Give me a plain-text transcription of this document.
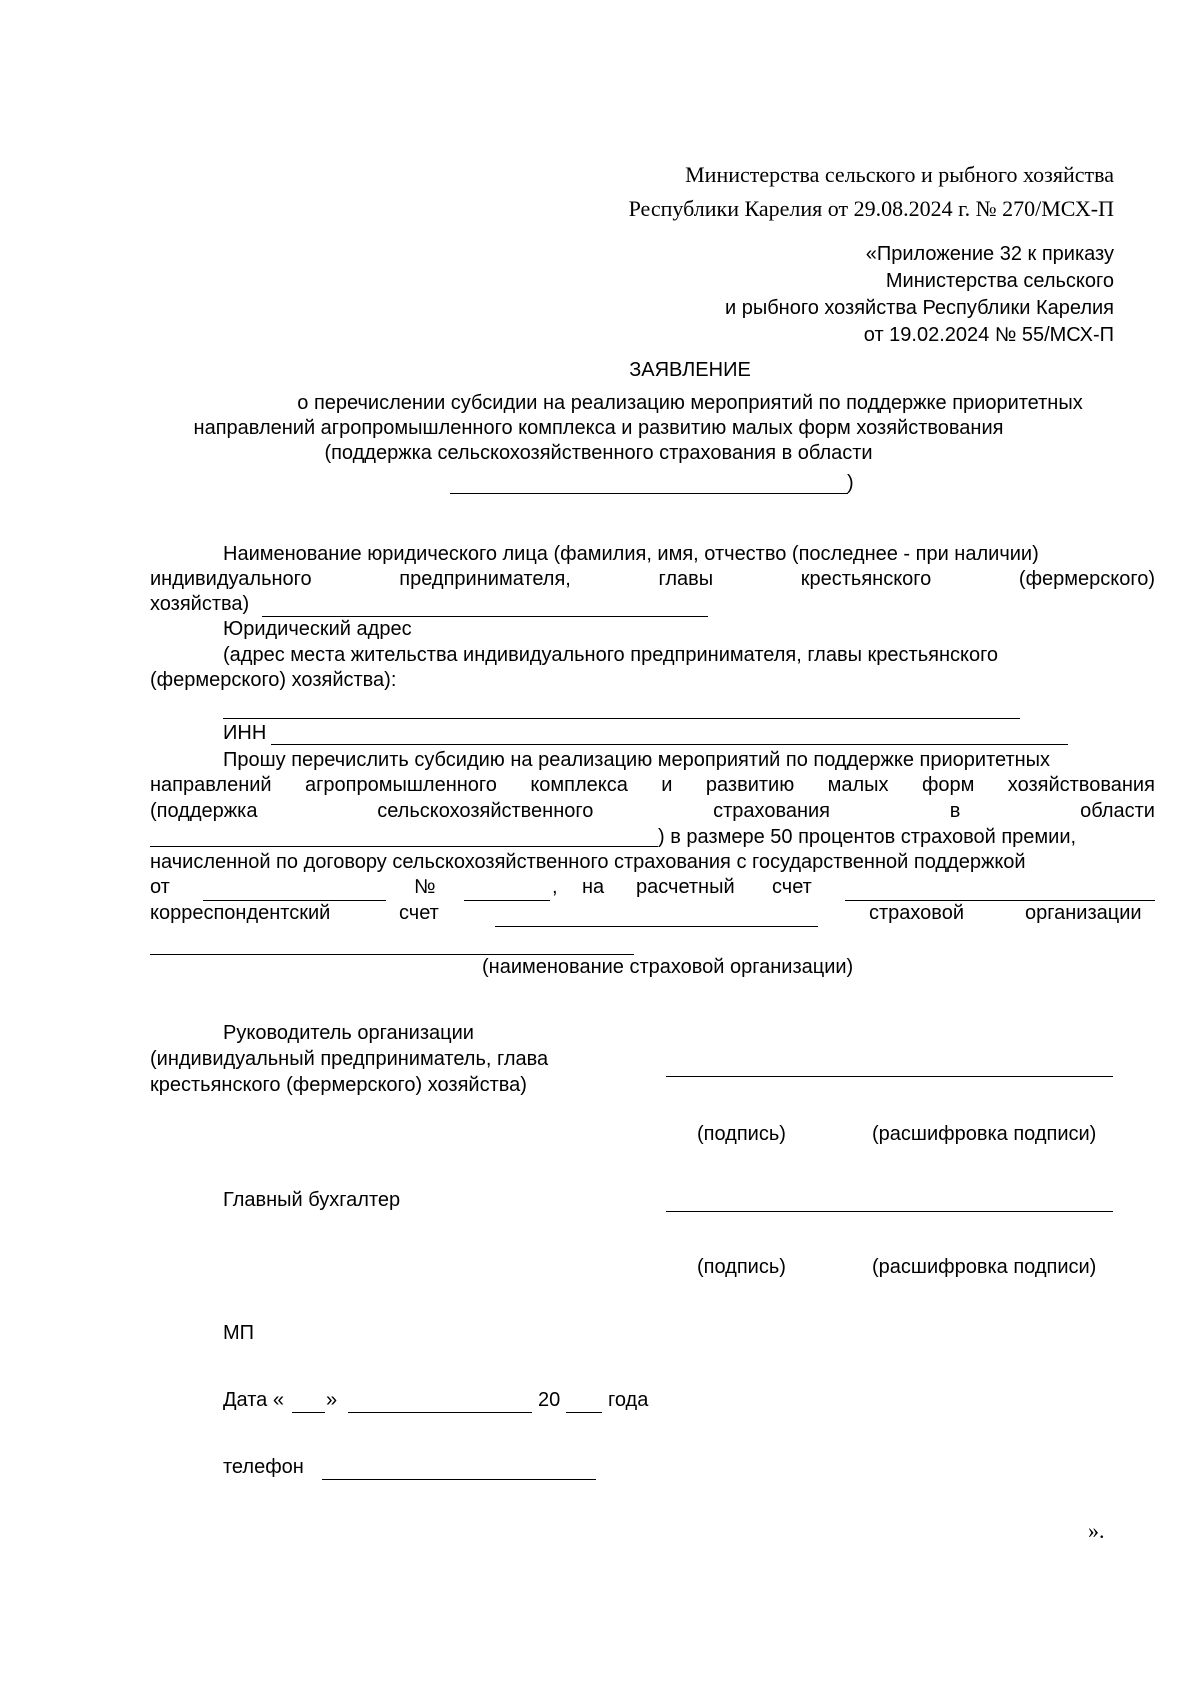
Министерства сельского и рыбного хозяйства
Республики Карелия от 29.08.2024 г. № 270/МСХ-П
«Приложение 32 к приказу
Министерства сельского
и рыбного хозяйства Республики Карелия
от 19.02.2024 № 55/МСХ-П
ЗАЯВЛЕНИЕ
о перечислении субсидии на реализацию мероприятий по поддержке приоритетных
направлений агропромышленного комплекса и развитию малых форм хозяйствования
(поддержка сельскохозяйственного страхования в области
)
Наименование юридического лица (фамилия, имя, отчество (последнее - при наличии)
индивидуального	предпринимателя,	главы	крестьянского	(фермерского)
хозяйства)
Юридический адрес
(адрес места жительства индивидуального предпринимателя, главы крестьянского
(фермерского) хозяйства):
ИНН
Прошу перечислить субсидию на реализацию мероприятий по поддержке приоритетных
направлений агропромышленного комплекса и развитию малых форм хозяйствования
(поддержка	сельскохозяйственного	страхования	в	области
) в размере 50 процентов страховой премии,
начисленной по договору сельскохозяйственного страхования с государственной поддержкой
от	№	, на расчетный счет
корреспондентский	счет	страховой	организации
(наименование страховой организации)
Руководитель организации
(индивидуальный предприниматель, глава
крестьянского (фермерского) хозяйства)
(подпись)	(расшифровка подписи)
Главный бухгалтер
(подпись)	(расшифровка подписи)
МП
Дата « »	20 года
телефон
».
